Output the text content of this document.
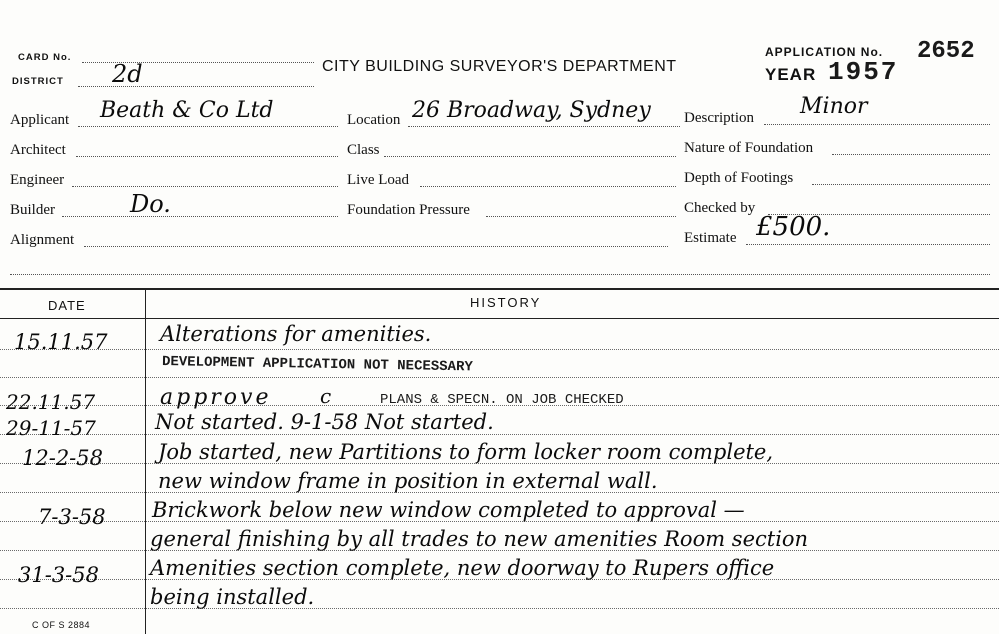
CARD No.
DISTRICT 2d	CITY BUILDING SURVEYOR'S DEPARTMENT
APPLICATION No. 2652
YEAR 1957
Applicant Beath & Co Ltd
Architect
Engineer
Builder	Do.
Alignment
Location 26 Broadway, Sydney
Class
Live Load
Foundation Pressure
Description Minor
Nature of Foundation
Depth of Footings
Checked by
Estimate £500.
DATE	HISTORY
15.11.57 Alterations for amenities.
DEVELOPMENT APPLICATION NOT NECESSARY
22.11.57	approve c	PLANS & SPECN. ON JOB CHECKED
29-11-57	Not started. 9-1-58 Not started.
12-2-58	Job started, new Partitions to form locker room complete,
new window frame in position in external wall.
7-3-58 Brickwork below new window completed to approval —
general finishing by all trades to new amenities Room section
31-3-58 Amenities section complete, new doorway to Rupers office
being installed.
C OF S 2884
